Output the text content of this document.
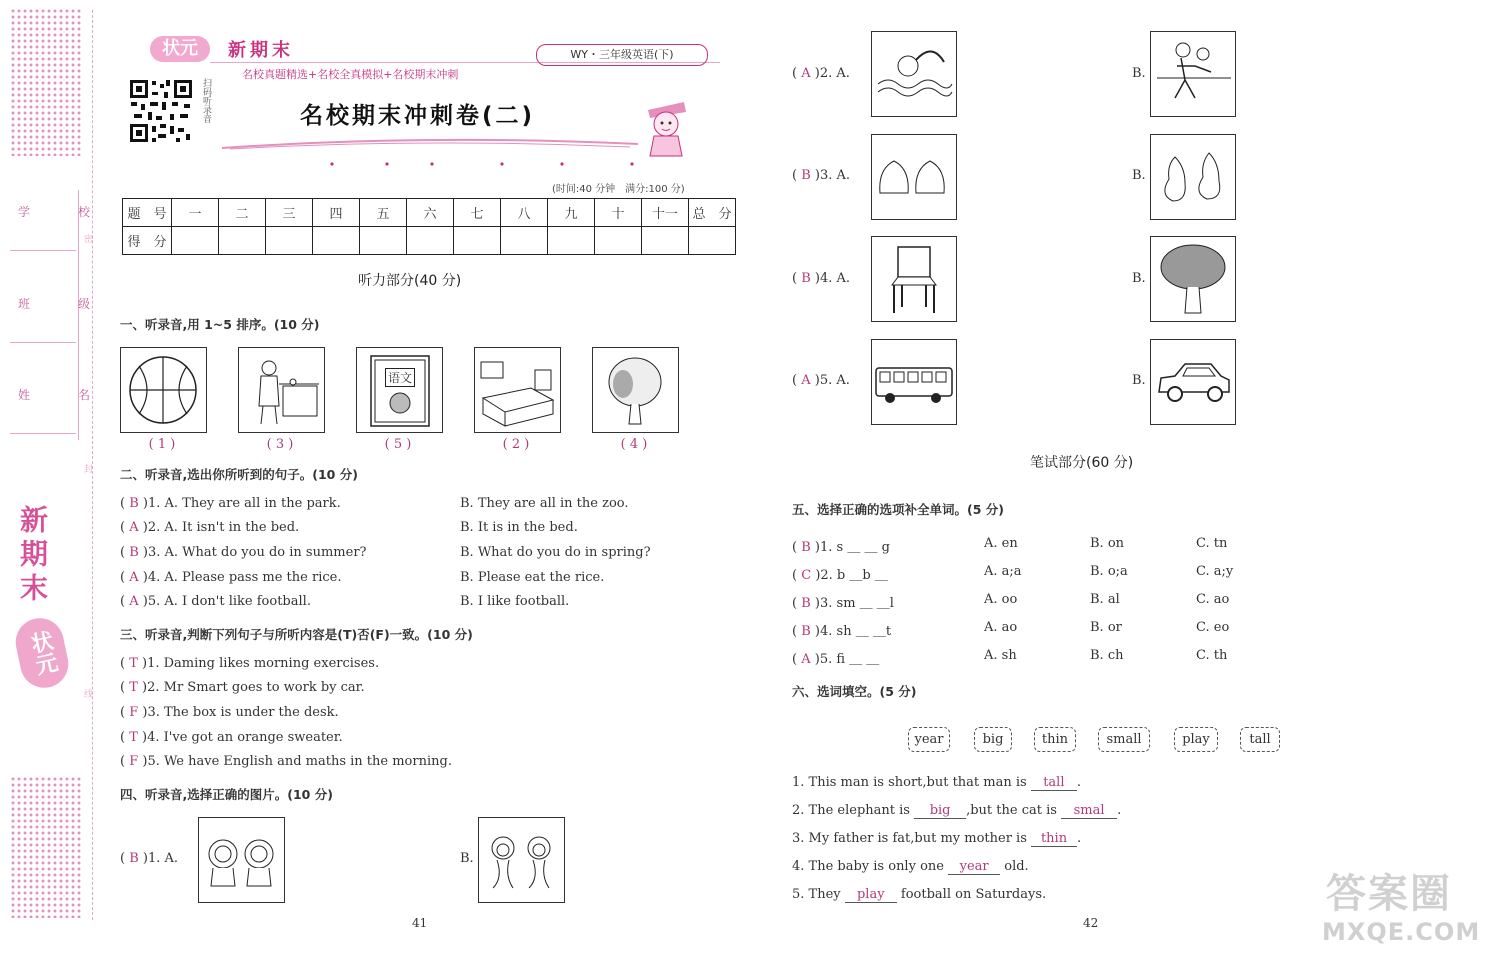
学　校
班　级
姓　名
密
封
线
新期末
状元
状元	新期末
名校真题精选+名校全真模拟+名校期末冲刺
WY・三年级英语(下)
扫码听录音	名校期末冲刺卷(二)
(时间:40 分钟　满分:100 分)
题　号	一	二	三	四	五	六	七	八	九	十	十一	总　分
得　分												
听力部分(40 分)
一、听录音,用 1~5 排序。(10 分)
语文
( 1 )	( 3 )	( 5 )	( 2 )	( 4 )
二、听录音,选出你所听到的句子。(10 分)
( B )1. A. They are all in the park.	B. They are all in the zoo.
( A )2. A. It isn't in the bed.	B. It is in the bed.
( B )3. A. What do you do in summer?	B. What do you do in spring?
( A )4. A. Please pass me the rice.	B. Please eat the rice.
( A )5. A. I don't like football.	B. I like football.
三、听录音,判断下列句子与所听内容是(T)否(F)一致。(10 分)
( T )1. Daming likes morning exercises.
( T )2. Mr Smart goes to work by car.
( F )3. The box is under the desk.
( T )4. I've got an orange sweater.
( F )5. We have English and maths in the morning.
四、听录音,选择正确的图片。(10 分)
( B )1. A.	B.
41
( A )2. A.	B.
( B )3. A.	B.
( B )4. A.	B.
( A )5. A.	B.
笔试部分(60 分)
五、选择正确的选项补全单词。(5 分)
( B )1. s ＿ ＿ g	A. en	B. on	C. tn
( C )2. b ＿b ＿	A. a;a	B. o;a	C. a;y
( B )3. sm ＿ ＿l	A. oo	B. al	C. ao
( B )4. sh ＿ ＿t	A. ao	B. or	C. eo
( A )5. fi ＿ ＿	A. sh	B. ch	C. th
六、选词填空。(5 分)
year	big	thin	small	play	tall
1. This man is short,but that man is tall .
2. The elephant is big ,but the cat is smal .
3. My father is fat,but my mother is thin .
4. The baby is only one year old.
5. They play football on Saturdays.
42
答案圈
MXQE.COM
